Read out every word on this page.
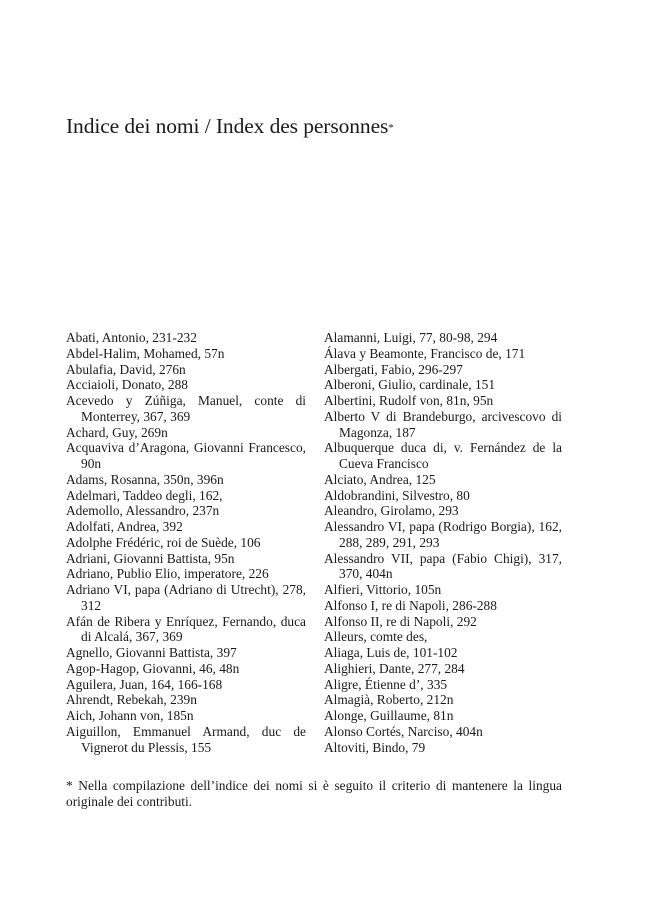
Indice dei nomi / Index des personnes*
Abati, Antonio, 231-232
Abdel-Halim, Mohamed, 57n
Abulafia, David, 276n
Acciaioli, Donato, 288
Acevedo y Zúñiga, Manuel, conte di Monterrey, 367, 369
Achard, Guy, 269n
Acquaviva d’Aragona, Giovanni Francesco, 90n
Adams, Rosanna, 350n, 396n
Adelmari, Taddeo degli, 162,
Ademollo, Alessandro, 237n
Adolfati, Andrea, 392
Adolphe Frédéric, roi de Suède, 106
Adriani, Giovanni Battista, 95n
Adriano, Publio Elio, imperatore, 226
Adriano VI, papa (Adriano di Utrecht), 278, 312
Afán de Ribera y Enríquez, Fernando, duca di Alcalá, 367, 369
Agnello, Giovanni Battista, 397
Agop-Hagop, Giovanni, 46, 48n
Aguilera, Juan, 164, 166-168
Ahrendt, Rebekah, 239n
Aich, Johann von, 185n
Aiguillon, Emmanuel Armand, duc de Vignerot du Plessis, 155
Alamanni, Luigi, 77, 80-98, 294
Álava y Beamonte, Francisco de, 171
Albergati, Fabio, 296-297
Alberoni, Giulio, cardinale, 151
Albertini, Rudolf von, 81n, 95n
Alberto V di Brandeburgo, arcivescovo di Magonza, 187
Albuquerque duca di, v. Fernández de la Cueva Francisco
Alciato, Andrea, 125
Aldobrandini, Silvestro, 80
Aleandro, Girolamo, 293
Alessandro VI, papa (Rodrigo Borgia), 162, 288, 289, 291, 293
Alessandro VII, papa (Fabio Chigi), 317, 370, 404n
Alfieri, Vittorio, 105n
Alfonso I, re di Napoli, 286-288
Alfonso II, re di Napoli, 292
Alleurs, comte des,
Aliaga, Luis de, 101-102
Alighieri, Dante, 277, 284
Aligre, Étienne d’, 335
Almagià, Roberto, 212n
Alonge, Guillaume, 81n
Alonso Cortés, Narciso, 404n
Altoviti, Bindo, 79
* Nella compilazione dell’indice dei nomi si è seguito il criterio di mantenere la lingua originale dei contributi.
